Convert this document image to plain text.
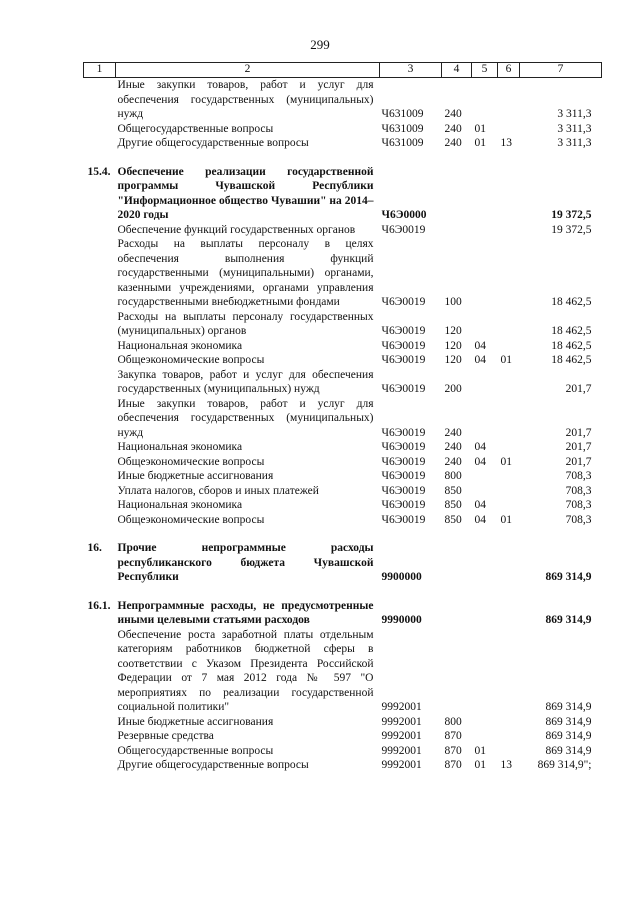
299
1	2	3	4	5	6	7
	Иные закупки товаров, работ и услуг для обеспечения государственных (муниципальных) нужд	Ч631009	240			3 311,3
	Общегосударственные вопросы	Ч631009	240	01		3 311,3
	Другие общегосударственные вопросы	Ч631009	240	01	13	3 311,3

15.4.	Обеспечение реализации государственной программы Чувашской Республики "Информационное общество Чувашии" на 2014–2020 годы	Ч6Э0000				19 372,5
	Обеспечение функций государственных органов	Ч6Э0019				19 372,5
	Расходы на выплаты персоналу в целях обеспечения выполнения функций государственными (муниципальными) органами, казенными учреждениями, органами управления государственными внебюджетными фондами	Ч6Э0019	100			18 462,5
	Расходы на выплаты персоналу государственных (муниципальных) органов	Ч6Э0019	120			18 462,5
	Национальная экономика	Ч6Э0019	120	04		18 462,5
	Общеэкономические вопросы	Ч6Э0019	120	04	01	18 462,5
	Закупка товаров, работ и услуг для обеспечения государственных (муниципальных) нужд	Ч6Э0019	200			201,7
	Иные закупки товаров, работ и услуг для обеспечения государственных (муниципальных) нужд	Ч6Э0019	240			201,7
	Национальная экономика	Ч6Э0019	240	04		201,7
	Общеэкономические вопросы	Ч6Э0019	240	04	01	201,7
	Иные бюджетные ассигнования	Ч6Э0019	800			708,3
	Уплата налогов, сборов и иных платежей	Ч6Э0019	850			708,3
	Национальная экономика	Ч6Э0019	850	04		708,3
	Общеэкономические вопросы	Ч6Э0019	850	04	01	708,3

16.	Прочие непрограммные расходы республиканского бюджета Чувашской Республики	9900000				869 314,9

16.1.	Непрограммные расходы, не предусмотренные иными целевыми статьями расходов	9990000				869 314,9
	Обеспечение роста заработной платы отдельным категориям работников бюджетной сферы в соответствии с Указом Президента Российской Федерации от 7 мая 2012 года № 597 "О мероприятиях по реализации государственной социальной политики"	9992001				869 314,9
	Иные бюджетные ассигнования	9992001	800			869 314,9
	Резервные средства	9992001	870			869 314,9
	Общегосударственные вопросы	9992001	870	01		869 314,9
	Другие общегосударственные вопросы	9992001	870	01	13	869 314,9";
